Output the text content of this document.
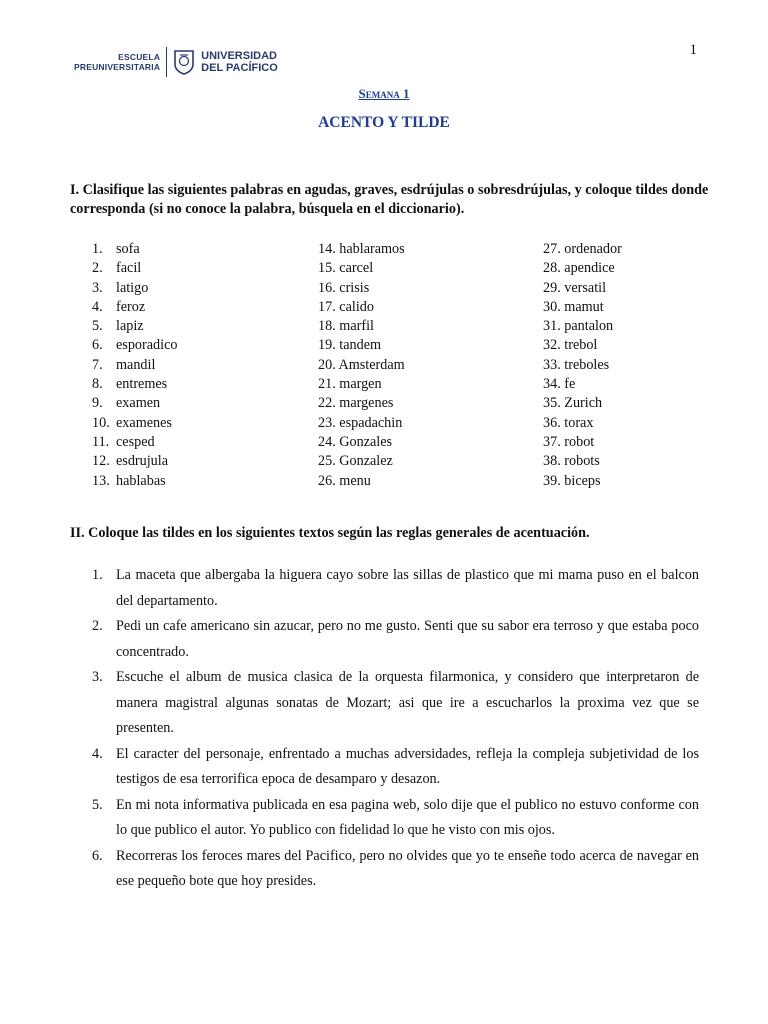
1
ESCUELA
PREUNIVERSITARIA
UNIVERSIDAD
DEL PACÍFICO
Semana 1
ACENTO Y TILDE
I. Clasifique las siguientes palabras en agudas, graves, esdrújulas o sobresdrújulas, y coloque tildes donde corresponda (si no conoce la palabra, búsquela en el diccionario).
1. sofa
2. facil
3. latigo
4. feroz
5. lapiz
6. esporadico
7. mandil
8. entremes
9. examen
10. examenes
11. cesped
12. esdrujula
13. hablabas
14. hablaramos
15. carcel
16. crisis
17. calido
18. marfil
19. tandem
20. Amsterdam
21. margen
22. margenes
23. espadachin
24. Gonzales
25. Gonzalez
26. menu
27. ordenador
28. apendice
29. versatil
30. mamut
31. pantalon
32. trebol
33. treboles
34. fe
35. Zurich
36. torax
37. robot
38. robots
39. biceps
II. Coloque las tildes en los siguientes textos según las reglas generales de acentuación.
1. La maceta que albergaba la higuera cayo sobre las sillas de plastico que mi mama puso en el balcon del departamento.
2. Pedi un cafe americano sin azucar, pero no me gusto. Senti que su sabor era terroso y que estaba poco concentrado.
3. Escuche el album de musica clasica de la orquesta filarmonica, y considero que interpretaron de manera magistral algunas sonatas de Mozart; asi que ire a escucharlos la proxima vez que se presenten.
4. El caracter del personaje, enfrentado a muchas adversidades, refleja la compleja subjetividad de los testigos de esa terrorifica epoca de desamparo y desazon.
5. En mi nota informativa publicada en esa pagina web, solo dije que el publico no estuvo conforme con lo que publico el autor. Yo publico con fidelidad lo que he visto con mis ojos.
6. Recorreras los feroces mares del Pacifico, pero no olvides que yo te enseñe todo acerca de navegar en ese pequeño bote que hoy presides.
